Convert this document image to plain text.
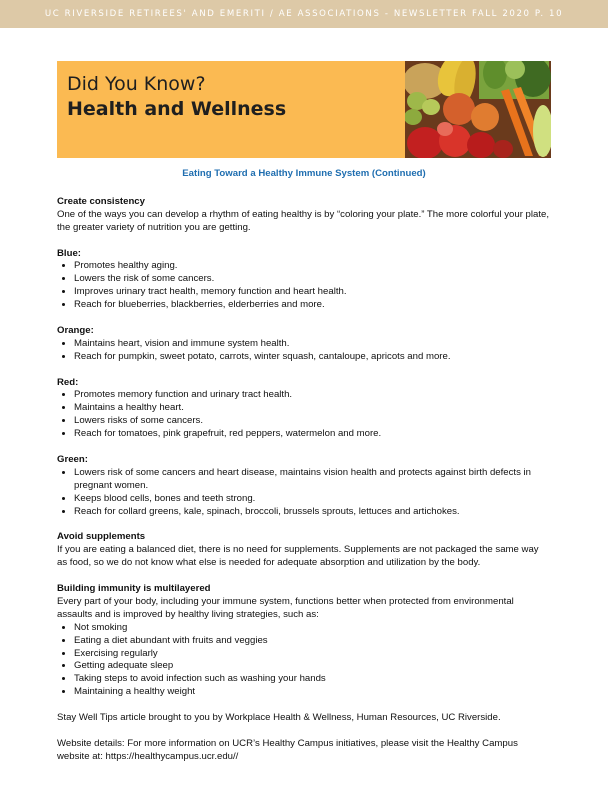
UC RIVERSIDE RETIREES' AND EMERITI / AE ASSOCIATIONS - NEWSLETTER FALL 2020 P. 10
Did You Know?
Health and Wellness
Eating Toward a Healthy Immune System (Continued)
Create consistency

One of the ways you can develop a rhythm of eating healthy is by “coloring your plate.” The more colorful your plate, the greater variety of nutrition you are getting.

Blue:
• Promotes healthy aging.
• Lowers the risk of some cancers.
• Improves urinary tract health, memory function and heart health.
• Reach for blueberries, blackberries, elderberries and more.
Orange:
• Maintains heart, vision and immune system health.
• Reach for pumpkin, sweet potato, carrots, winter squash, cantaloupe, apricots and more.
Red:
• Promotes memory function and urinary tract health.
• Maintains a healthy heart.
• Lowers risks of some cancers.
• Reach for tomatoes, pink grapefruit, red peppers, watermelon and more.
Green:
• Lowers risk of some cancers and heart disease, maintains vision health and protects against birth defects in pregnant women.
• Keeps blood cells, bones and teeth strong.
• Reach for collard greens, kale, spinach, broccoli, brussels sprouts, lettuces and artichokes.
Avoid supplements

If you are eating a balanced diet, there is no need for supplements. Supplements are not packaged the same way as food, so we do not know what else is needed for adequate absorption and utilization by the body.

Building immunity is multilayered

Every part of your body, including your immune system, functions better when protected from environmental assaults and is improved by healthy living strategies, such as:

• Not smoking
• Eating a diet abundant with fruits and veggies
• Exercising regularly
• Getting adequate sleep
• Taking steps to avoid infection such as washing your hands
• Maintaining a healthy weight

Stay Well Tips article brought to you by Workplace Health & Wellness, Human Resources, UC Riverside.

Website details: For more information on UCR’s Healthy Campus initiatives, please visit the Healthy Campus website at: https://healthycampus.ucr.edu//
